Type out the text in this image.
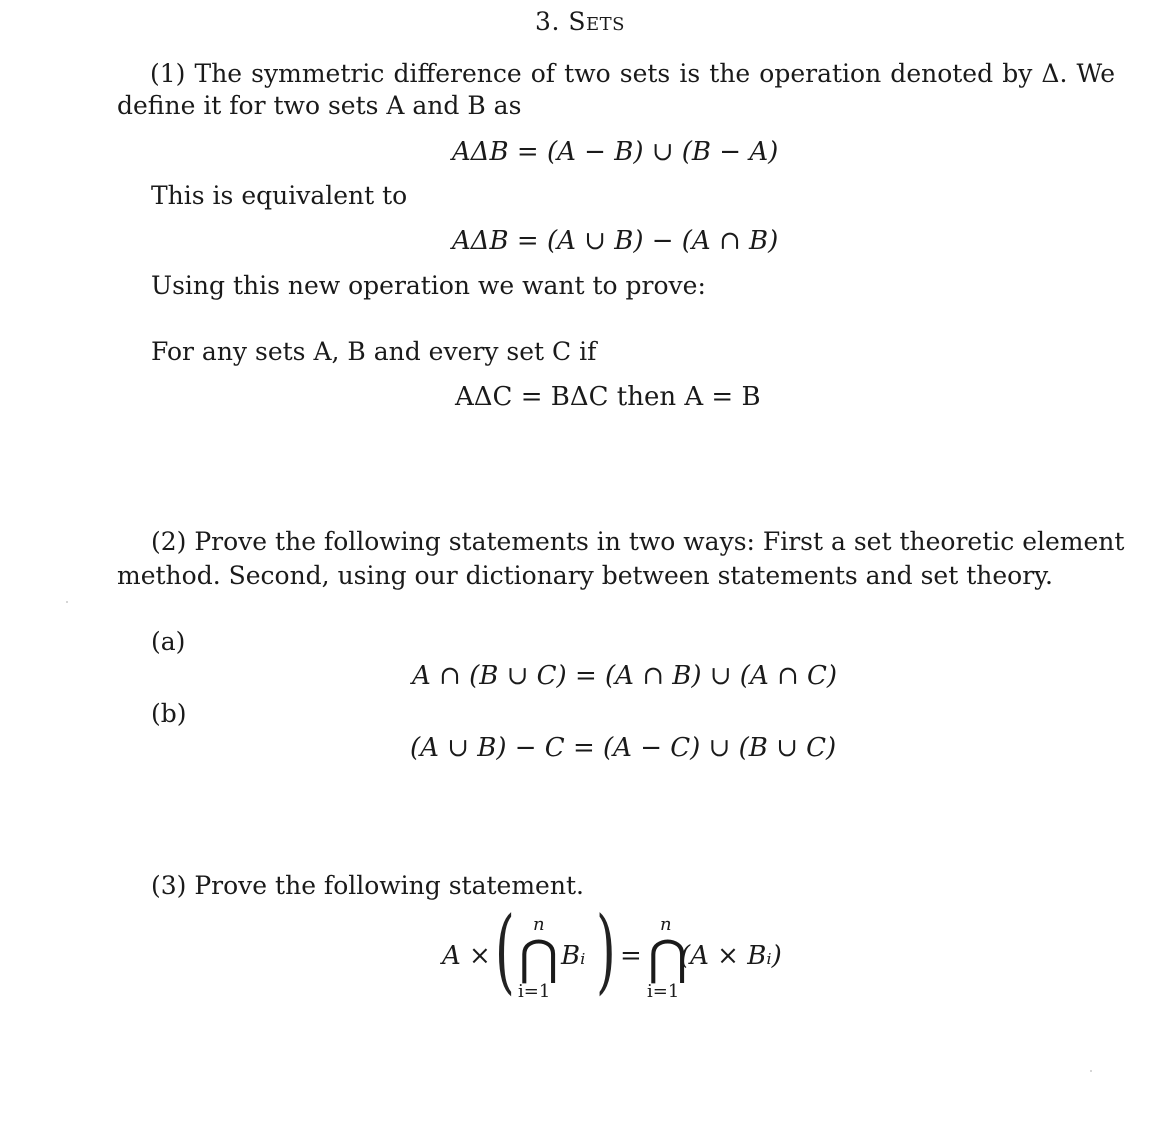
3. Sets
(1) The symmetric difference of two sets is the operation denoted by Δ. We
define it for two sets A and B as
AΔB = (A − B) ∪ (B − A)
This is equivalent to
AΔB = (A ∪ B) − (A ∩ B)
Using this new operation we want to prove:
For any sets A, B and every set C if
AΔC = BΔC then A = B
(2) Prove the following statements in two ways: First a set theoretic element
method. Second, using our dictionary between statements and set theory.
(a)
A ∩ (B ∪ C) = (A ∩ B) ∪ (A ∩ C)
(b)
(A ∪ B) − C = (A − C) ∪ (B ∪ C)
(3) Prove the following statement.
A × ( n
⋂
i=1
Bᵢ ) =
n
⋂
i=1
(A × Bᵢ)
